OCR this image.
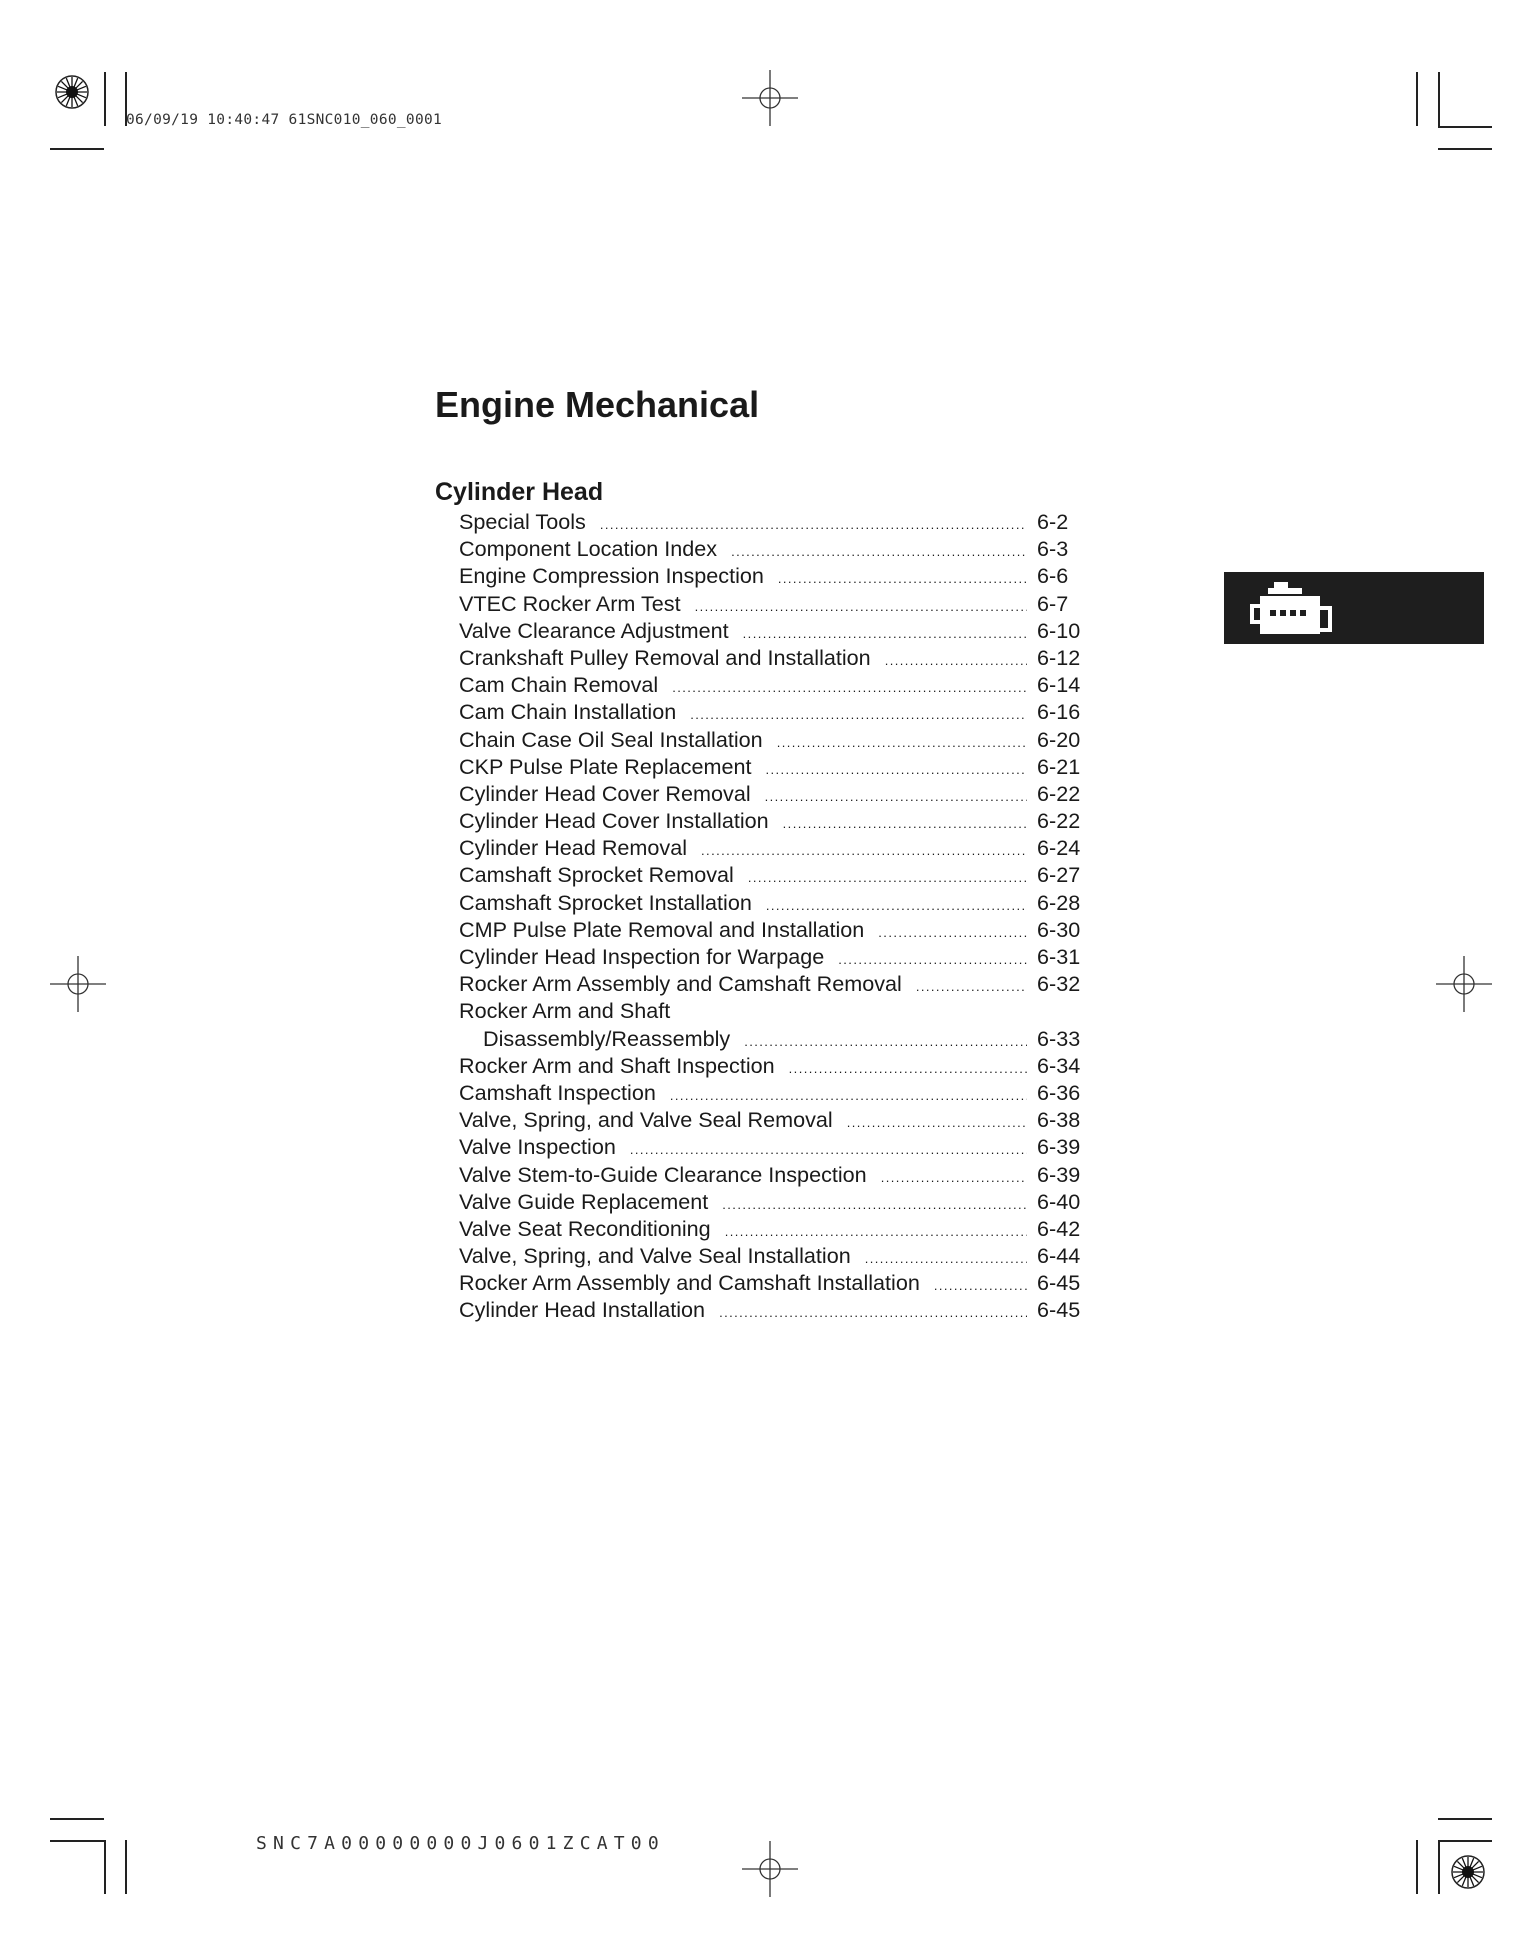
06/09/19 10:40:47 61SNC010_060_0001
Engine Mechanical
Cylinder Head
Special Tools .....	6-2
Component Location Index .....	6-3
Engine Compression Inspection .....	6-6
VTEC Rocker Arm Test .....	6-7
Valve Clearance Adjustment .....	6-10
Crankshaft Pulley Removal and Installation .....	6-12
Cam Chain Removal .....	6-14
Cam Chain Installation .....	6-16
Chain Case Oil Seal Installation .....	6-20
CKP Pulse Plate Replacement .....	6-21
Cylinder Head Cover Removal .....	6-22
Cylinder Head Cover Installation .....	6-22
Cylinder Head Removal .....	6-24
Camshaft Sprocket Removal .....	6-27
Camshaft Sprocket Installation .....	6-28
CMP Pulse Plate Removal and Installation .....	6-30
Cylinder Head Inspection for Warpage .....	6-31
Rocker Arm Assembly and Camshaft Removal .....	6-32
Rocker Arm and Shaft
Disassembly/Reassembly .....	6-33
Rocker Arm and Shaft Inspection .....	6-34
Camshaft Inspection .....	6-36
Valve, Spring, and Valve Seal Removal .....	6-38
Valve Inspection .....	6-39
Valve Stem-to-Guide Clearance Inspection .....	6-39
Valve Guide Replacement .....	6-40
Valve Seat Reconditioning .....	6-42
Valve, Spring, and Valve Seal Installation .....	6-44
Rocker Arm Assembly and Camshaft Installation .....	6-45
Cylinder Head Installation .....	6-45
SNC7A00000000J0601ZCAT00
